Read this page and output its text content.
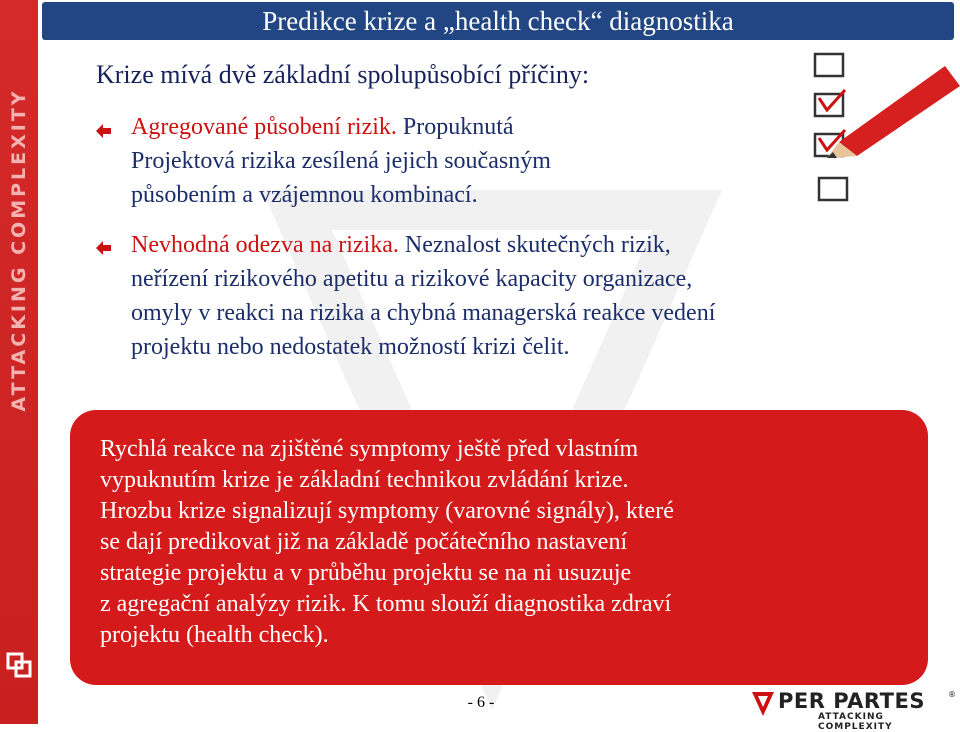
ATTACKING COMPLEXITY
Predikce krize a „health check“ diagnostika
Krize mívá dvě základní spolupůsobící příčiny:
Agregované působení rizik. Propuknutá
Projektová rizika zesílená jejich současným
působením a vzájemnou kombinací.
Nevhodná odezva na rizika. Neznalost skutečných rizik,
neřízení rizikového apetitu a rizikové kapacity organizace,
omyly v reakci na rizika a chybná managerská reakce vedení
projektu nebo nedostatek možností krizi čelit.
Rychlá reakce na zjištěné symptomy ještě před vlastním
vypuknutím krize je základní technikou zvládání krize.
Hrozbu krize signalizují symptomy (varovné signály), které
se dají predikovat již na základě počátečního nastavení
strategie projektu a v průběhu projektu se na ni usuzuje
z agregační analýzy rizik. K tomu slouží diagnostika zdraví
projektu (health check).
- 6 -	PER PARTES	®
ATTACKING COMPLEXITY
